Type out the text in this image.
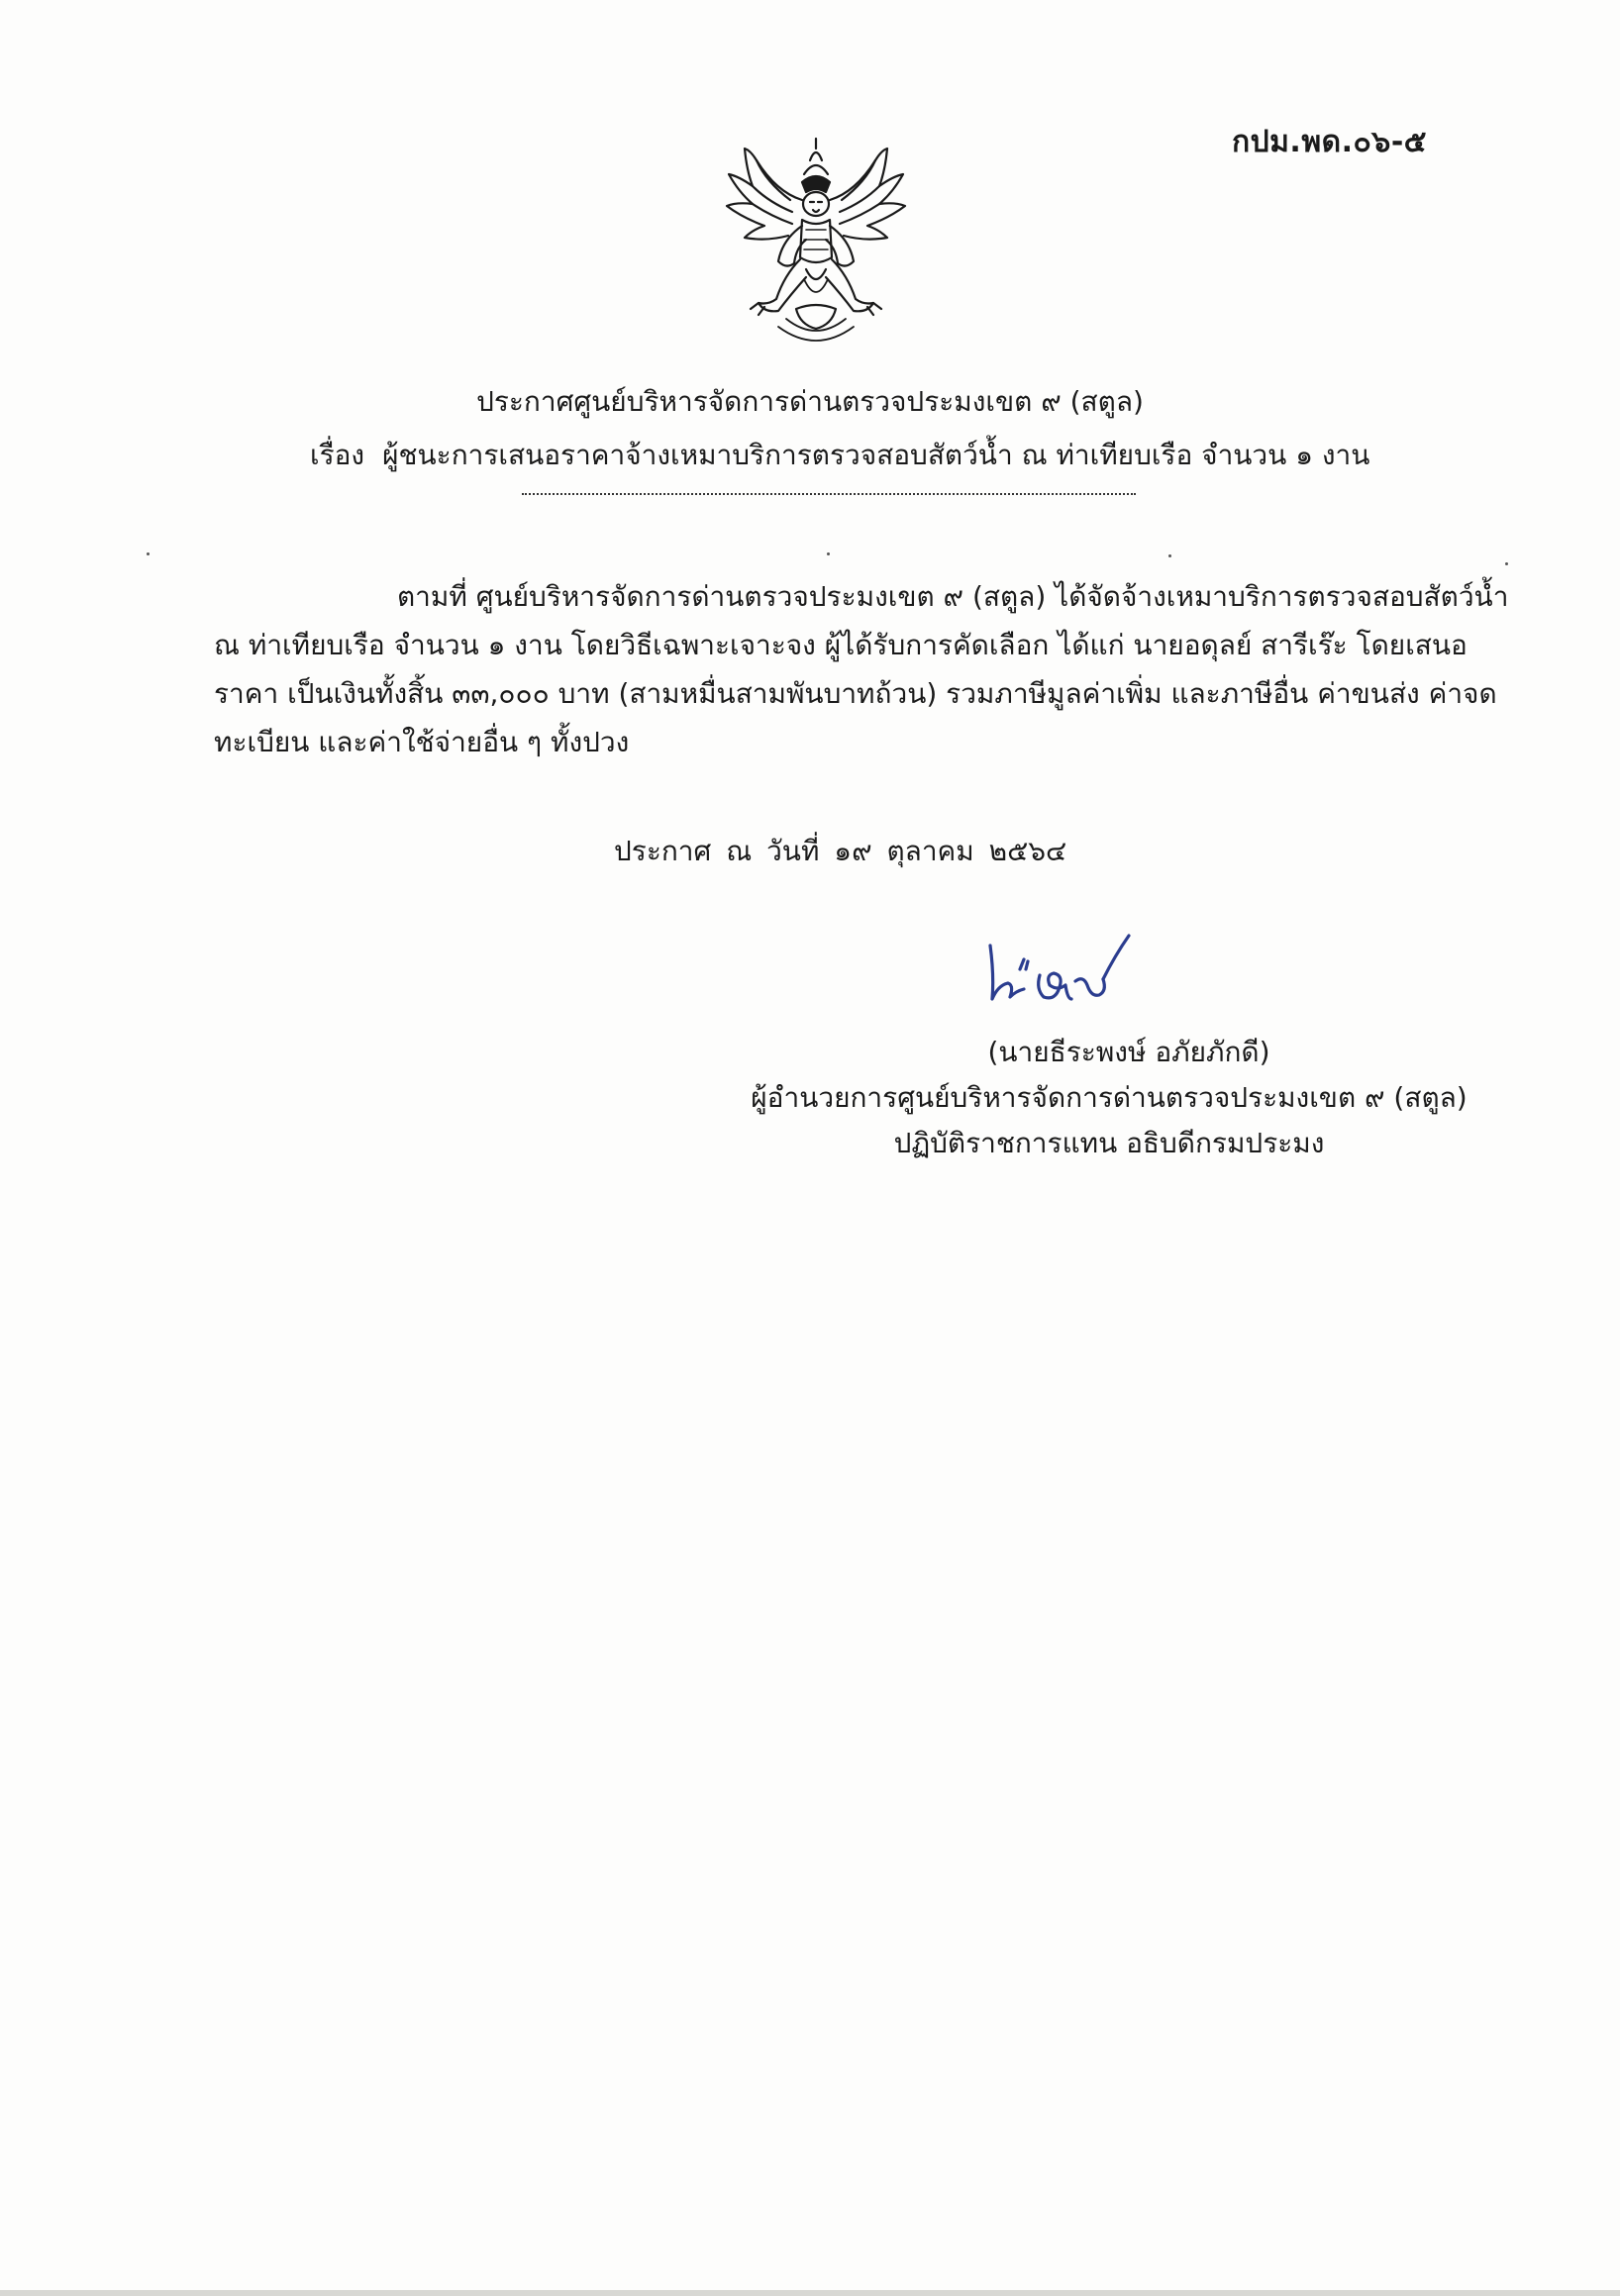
กปม.พด.๐๖-๕
ประกาศศูนย์บริหารจัดการด่านตรวจประมงเขต ๙ (สตูล)
เรื่อง ผู้ชนะการเสนอราคาจ้างเหมาบริการตรวจสอบสัตว์น้ำ ณ ท่าเทียบเรือ จำนวน ๑ งาน
ตามที่ ศูนย์บริหารจัดการด่านตรวจประมงเขต ๙ (สตูล) ได้จัดจ้างเหมาบริการตรวจสอบสัตว์น้ำ
ณ ท่าเทียบเรือ จำนวน ๑ งาน โดยวิธีเฉพาะเจาะจง ผู้ได้รับการคัดเลือก ได้แก่ นายอดุลย์ สารีเร๊ะ โดยเสนอ
ราคา เป็นเงินทั้งสิ้น ๓๓,๐๐๐ บาท (สามหมื่นสามพันบาทถ้วน) รวมภาษีมูลค่าเพิ่ม และภาษีอื่น ค่าขนส่ง ค่าจด
ทะเบียน และค่าใช้จ่ายอื่น ๆ ทั้งปวง
ประกาศ ณ วันที่ ๑๙ ตุลาคม ๒๕๖๔
(นายธีระพงษ์ อภัยภักดี)
ผู้อำนวยการศูนย์บริหารจัดการด่านตรวจประมงเขต ๙ (สตูล)
ปฏิบัติราชการแทน อธิบดีกรมประมง
